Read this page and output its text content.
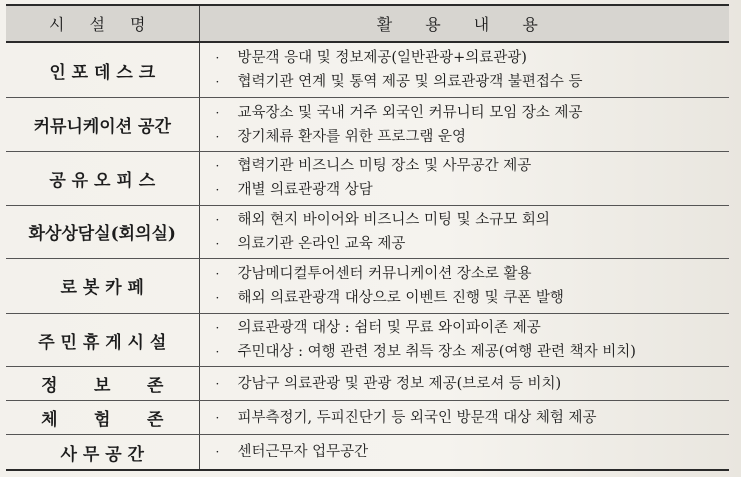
시 설 명	활 용 내 용
인 포 데 스 크	· 방문객 응대 및 정보제공(일반관광+의료관광)
· 협력기관 연계 및 통역 제공 및 의료관광객 불편접수 등

커뮤니케이션 공간	· 교육장소 및 국내 거주 외국인 커뮤니티 모임 장소 제공
· 장기체류 환자를 위한 프로그램 운영

공 유 오 피 스	· 협력기관 비즈니스 미팅 장소 및 사무공간 제공
· 개별 의료관광객 상담

화상상담실(회의실)	· 해외 현지 바이어와 비즈니스 미팅 및 소규모 회의
· 의료기관 온라인 교육 제공

로 봇 카 페	· 강남메디컬투어센터 커뮤니케이션 장소로 활용
· 해외 의료관광객 대상으로 이벤트 진행 및 쿠폰 발행

주 민 휴 게 시 설	· 의료관광객 대상 : 쉼터 및 무료 와이파이존 제공
· 주민대상 : 여행 관련 정보 취득 장소 제공(여행 관련 책자 비치)

정 보 존	· 강남구 의료관광 및 관광 정보 제공(브로셔 등 비치)

체 험 존	· 피부측정기, 두피진단기 등 외국인 방문객 대상 체험 제공

사 무 공 간	· 센터근무자 업무공간
